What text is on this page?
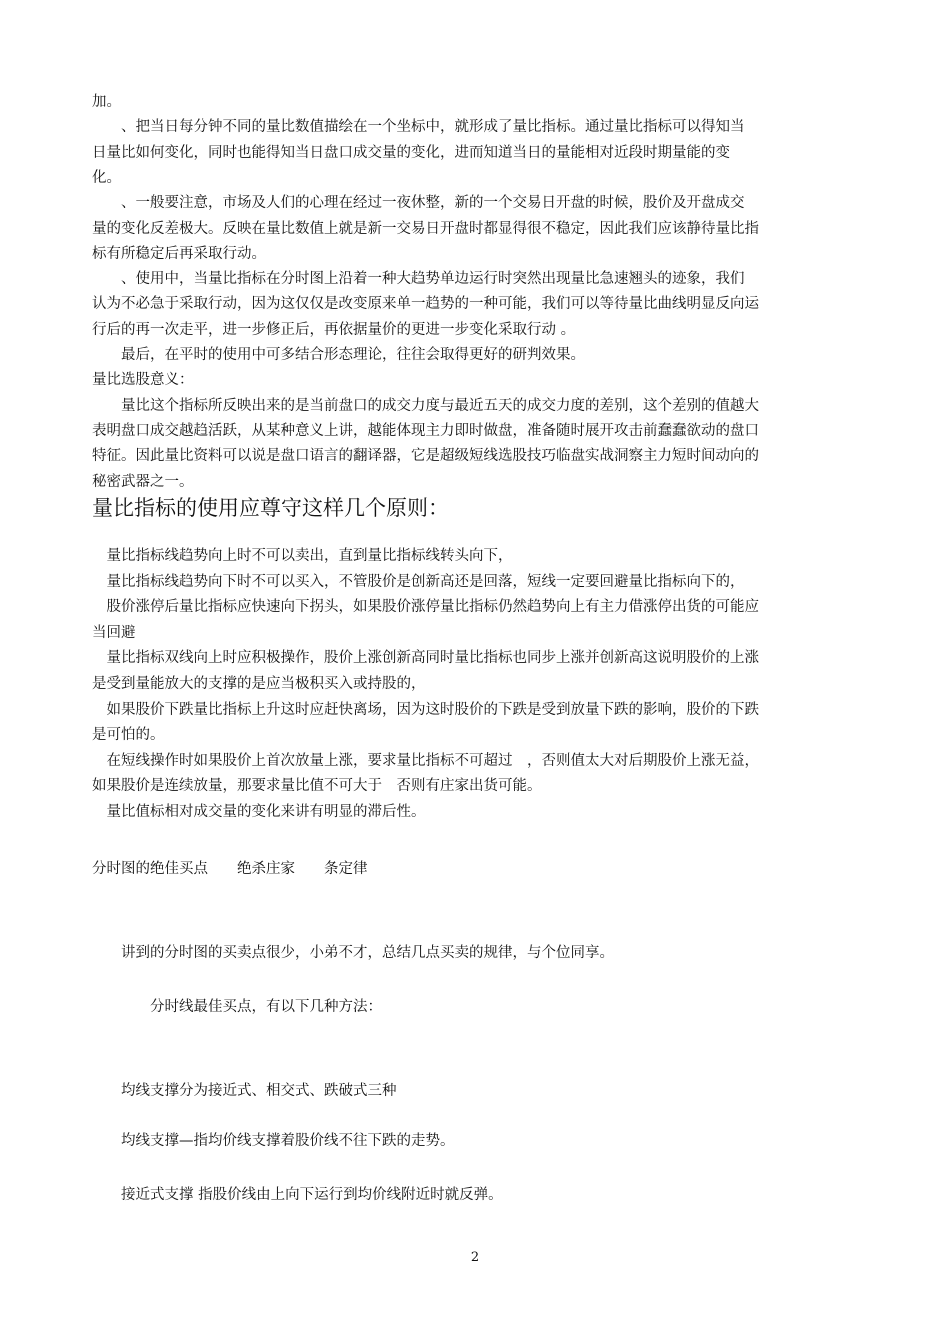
加。
　　、把当日每分钟不同的量比数值描绘在一个坐标中，就形成了量比指标。通过量比指标可以得知当
日量比如何变化，同时也能得知当日盘口成交量的变化，进而知道当日的量能相对近段时期量能的变
化。
　　、一般要注意，市场及人们的心理在经过一夜休整，新的一个交易日开盘的时候，股价及开盘成交
量的变化反差极大。反映在量比数值上就是新一交易日开盘时都显得很不稳定，因此我们应该静待量比指
标有所稳定后再采取行动。
　　、使用中，当量比指标在分时图上沿着一种大趋势单边运行时突然出现量比急速翘头的迹象，我们
认为不必急于采取行动，因为这仅仅是改变原来单一趋势的一种可能，我们可以等待量比曲线明显反向运
行后的再一次走平，进一步修正后，再依据量价的更进一步变化采取行动 。
　　最后，在平时的使用中可多结合形态理论，往往会取得更好的研判效果。
量比选股意义：
　　量比这个指标所反映出来的是当前盘口的成交力度与最近五天的成交力度的差别，这个差别的值越大
表明盘口成交越趋活跃，从某种意义上讲，越能体现主力即时做盘，准备随时展开攻击前蠢蠢欲动的盘口
特征。因此量比资料可以说是盘口语言的翻译器，它是超级短线选股技巧临盘实战洞察主力短时间动向的
秘密武器之一。
量比指标的使用应尊守这样几个原则：
　量比指标线趋势向上时不可以卖出，直到量比指标线转头向下，
　量比指标线趋势向下时不可以买入，不管股价是创新高还是回落，短线一定要回避量比指标向下的，
　股价涨停后量比指标应快速向下拐头，如果股价涨停量比指标仍然趋势向上有主力借涨停出货的可能应
当回避
　量比指标双线向上时应积极操作，股价上涨创新高同时量比指标也同步上涨并创新高这说明股价的上涨
是受到量能放大的支撑的是应当极积买入或持股的，
　如果股价下跌量比指标上升这时应赶快离场，因为这时股价的下跌是受到放量下跌的影响，股价的下跌
是可怕的。
　在短线操作时如果股价上首次放量上涨，要求量比指标不可超过　，否则值太大对后期股价上涨无益，
如果股价是连续放量，那要求量比值不可大于　否则有庄家出货可能。
　量比值标相对成交量的变化来讲有明显的滞后性。
分时图的绝佳买点　　绝杀庄家　　条定律
　　讲到的分时图的买卖点很少，小弟不才，总结几点买卖的规律，与个位同享。
　　　　分时线最佳买点，有以下几种方法：
　　均线支撑分为接近式、相交式、跌破式三种
　　均线支撑—指均价线支撑着股价线不往下跌的走势。
　　接近式支撑 指股价线由上向下运行到均价线附近时就反弹。
2
